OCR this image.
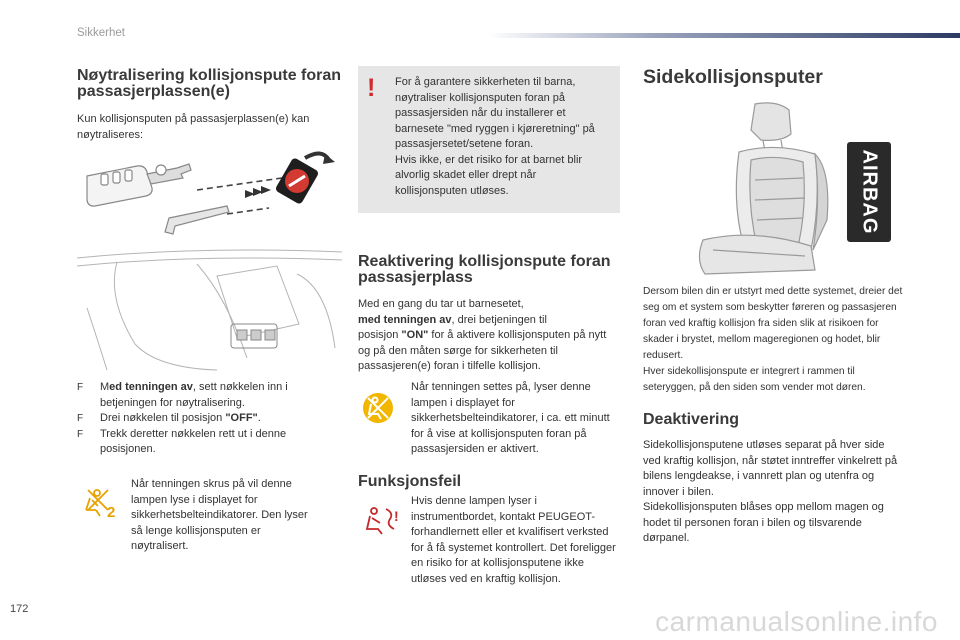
Sikkerhet
Nøytralisering kollisjonspute foran passasjerplassen(e)

Kun kollisjonsputen på passasjerplassen(e) kan nøytraliseres:

F Med tenningen av, sett nøkkelen inn i betjeningen for nøytralisering.
F Drei nøkkelen til posisjon "OFF".
F Trekk deretter nøkkelen rett ut i denne posisjonen.
2
Når tenningen skrus på vil denne lampen lyse i displayet for sikkerhetsbelteindikatorer. Den lyser så lenge kollisjonsputen er nøytralisert.
! For å garantere sikkerheten til barna, nøytraliser kollisjonsputen foran på passasjersiden når du installerer et barnesete "med ryggen i kjøreretning" på passasjersetet/setene foran.
Hvis ikke, er det risiko for at barnet blir alvorlig skadet eller drept når kollisjonsputen utløses.
Reaktivering kollisjonspute foran passasjerplass

Med en gang du tar ut barnesetet,
med tenningen av, drei betjeningen til
posisjon "ON" for å aktivere kollisjonsputen på nytt og på den måten sørge for sikkerheten til passasjeren(e) foran i tilfelle kollisjon.

Når tenningen settes på, lyser denne lampen i displayet for sikkerhetsbelteindikatorer, i ca. ett minutt for å vise at kollisjonsputen foran på passasjersiden er aktivert.
Funksjonsfeil
!
Hvis denne lampen lyser i instrumentbordet, kontakt PEUGEOT-forhandlernett eller et kvalifisert verksted for å få systemet kontrollert. Det foreligger en risiko for at kollisjonsputene ikke utløses ved en kraftig kollisjon.
Sidekollisjonsputer
AIRBAG
Dersom bilen din er utstyrt med dette systemet, dreier det seg om et system som beskytter føreren og passasjeren foran ved kraftig kollisjon fra siden slik at risikoen for skader i brystet, mellom mageregionen og hodet, blir redusert.
Hver sidekollisjonspute er integrert i rammen til seteryggen, på den siden som vender mot døren.
Deaktivering

Sidekollisjonsputene utløses separat på hver side ved kraftig kollisjon, når støtet inntreffer vinkelrett på bilens lengdeakse, i vannrett plan og utenfra og innover i bilen.
Sidekollisjonsputen blåses opp mellom magen og hodet til personen foran i bilen og tilsvarende dørpanel.

172	carmanualsonline.info
